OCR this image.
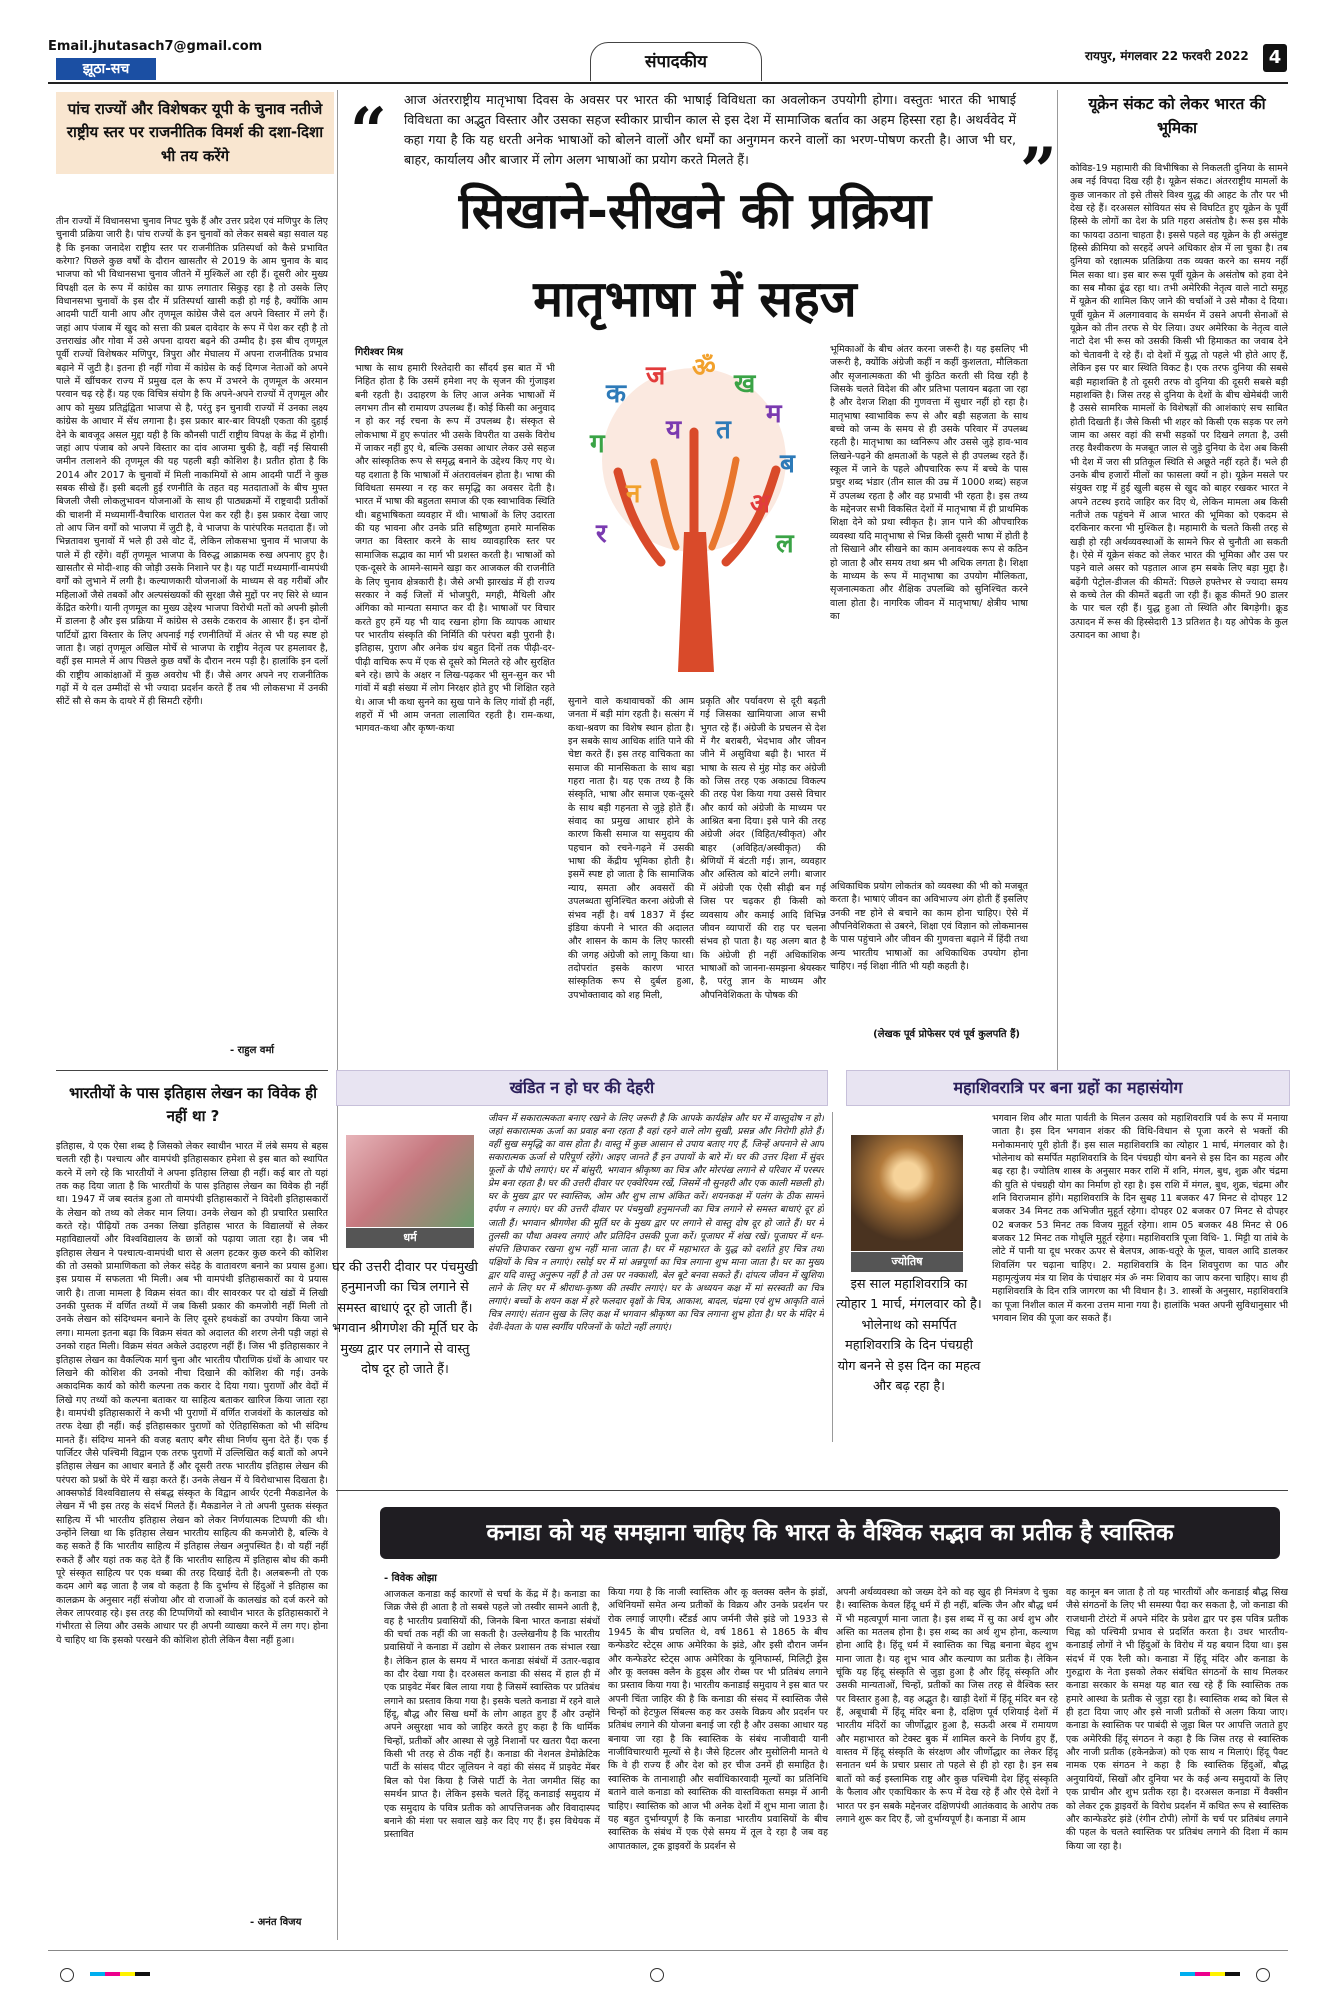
Email.jhutasach7@gmail.com
झूठा-सच	संपादकीय	रायपुर, मंगलवार 22 फरवरी 2022	4
पांच राज्यों और विशेषकर यूपी के चुनाव नतीजे राष्ट्रीय स्तर पर राजनीतिक विमर्श की दशा-दिशा भी तय करेंगे
तीन राज्यों में विधानसभा चुनाव निपट चुके हैं और उत्तर प्रदेश एवं मणिपुर के लिए चुनावी प्रक्रिया जारी है। पांच राज्यों के इन चुनावों को लेकर सबसे बड़ा सवाल यह है कि इनका जनादेश राष्ट्रीय स्तर पर राजनीतिक प्रतिस्पर्धा को कैसे प्रभावित करेगा? पिछले कुछ वर्षों के दौरान खासतौर से 2019 के आम चुनाव के बाद भाजपा को भी विधानसभा चुनाव जीतने में मुश्किलें आ रही हैं। दूसरी ओर मुख्य विपक्षी दल के रूप में कांग्रेस का ग्राफ लगातार सिकुड़ रहा है तो उसके लिए विधानसभा चुनावों के इस दौर में प्रतिस्पर्धा खासी कड़ी हो गई है, क्योंकि आम आदमी पार्टी यानी आप और तृणमूल कांग्रेस जैसे दल अपने विस्तार में लगे हैं। जहां आप पंजाब में खुद को सत्ता की प्रबल दावेदार के रूप में पेश कर रही है तो उत्तराखंड और गोवा में उसे अपना दायरा बढ़ने की उम्मीद है। इस बीच तृणमूल पूर्वी राज्यों विशेषकर मणिपुर, त्रिपुरा और मेघालय में अपना राजनीतिक प्रभाव बढ़ाने में जुटी है। इतना ही नहीं गोवा में कांग्रेस के कई दिग्गज नेताओं को अपने पाले में खींचकर राज्य में प्रमुख दल के रूप में उभरने के तृणमूल के अरमान परवान चढ़ रहे हैं। यह एक विचित्र संयोग है कि अपने-अपने राज्यों में तृणमूल और आप को मुख्य प्रतिद्वंद्विता भाजपा से है, परंतु इन चुनावी राज्यों में उनका लक्ष्य कांग्रेस के आधार में सेंध लगाना है। इस प्रकार बार-बार विपक्षी एकता की दुहाई देने के बावजूद असल मुद्दा यही है कि कौनसी पार्टी राष्ट्रीय विपक्ष के केंद्र में होगी। जहां आप पंजाब को अपने विस्तार का दांव आजमा चुकी है, वहीं नई सियासी जमीन तलाशने की तृणमूल की यह पहली बड़ी कोशिश है। प्रतीत होता है कि 2014 और 2017 के चुनावों में मिली नाकामियों से आम आदमी पार्टी ने कुछ सबक सीखे हैं। इसी बदली हुई रणनीति के तहत वह मतदाताओं के बीच मुफ्त बिजली जैसी लोकलुभावन योजनाओं के साथ ही पाठ्यक्रमों में राष्ट्रवादी प्रतीकों की चाशनी में मध्यमार्गी-वैचारिक धारातल पेश कर रही है। इस प्रकार देखा जाए तो आप जिन वर्गों को भाजपा में जुटी है, वे भाजपा के पारंपरिक मतदाता हैं। जो भिन्नतावश चुनावों में भले ही उसे वोट दें, लेकिन लोकसभा चुनाव में भाजपा के पाले में ही रहेंगे। वहीं तृणमूल भाजपा के विरुद्ध आक्रामक रुख अपनाए हुए है। खासतौर से मोदी-शाह की जोड़ी उसके निशाने पर है। यह पार्टी मध्यमार्गी-वामपंथी वर्गों को लुभाने में लगी है। कल्याणकारी योजनाओं के माध्यम से वह गरीबों और महिलाओं जैसे तबकों और अल्पसंख्यकों की सुरक्षा जैसे मुद्दों पर नए सिरे से ध्यान केंद्रित करेगी। यानी तृणमूल का मुख्य उद्देश्य भाजपा विरोधी मतों को अपनी झोली में डालना है और इस प्रक्रिया में कांग्रेस से उसके टकराव के आसार हैं। इन दोनों पार्टियों द्वारा विस्तार के लिए अपनाई गई रणनीतियों में अंतर से भी यह स्पष्ट हो जाता है। जहां तृणमूल अखिल मोर्चे से भाजपा के राष्ट्रीय नेतृत्व पर हमलावर है, वहीं इस मामले में आप पिछले कुछ वर्षों के दौरान नरम पड़ी है। हालांकि इन दलों की राष्ट्रीय आकांक्षाओं में कुछ अवरोध भी हैं। जैसे अगर अपने नए राजनीतिक गढ़ों में ये दल उम्मीदों से भी ज्यादा प्रदर्शन करते हैं तब भी लोकसभा में उनकी सीटें सौ से कम के दायरे में ही सिमटी रहेंगी।
- राहुल वर्मा
भारतीयों के पास इतिहास लेखन का विवेक ही नहीं था ?
इतिहास, ये एक ऐसा शब्द है जिसको लेकर स्वाधीन भारत में लंबे समय से बहस चलती रही है। पश्चात्य और वामपंथी इतिहासकार हमेशा से इस बात को स्थापित करने में लगे रहे कि भारतीयों ने अपना इतिहास लिखा ही नहीं। कई बार तो यहां तक कह दिया जाता है कि भारतीयों के पास इतिहास लेखन का विवेक ही नहीं था। 1947 में जब स्वतंत्र हुआ तो वामपंथी इतिहासकारों ने विदेशी इतिहासकारों के लेखन को तथ्य को लेकर मान लिया। उनके लेखन को ही प्रचारित प्रसारित करते रहे। पीढ़ियों तक उनका लिखा इतिहास भारत के विद्यालयों से लेकर महाविद्यालयों और विश्वविद्यालय के छात्रों को पढ़ाया जाता रहा है। जब भी इतिहास लेखन ने पश्चात्य-वामपंथी धारा से अलग हटकर कुछ करने की कोशिश की तो उसको प्रामाणिकता को लेकर संदेह के वातावरण बनाने का प्रयास हुआ। इस प्रयास में सफलता भी मिली। अब भी वामपंथी इतिहासकारों का ये प्रयास जारी है। ताजा मामला है विक्रम संवत का। वीर सावरकर पर दो खंडों में लिखी उनकी पुस्तक में वर्णित तथ्यों में जब किसी प्रकार की कमजोरी नहीं मिली तो उनके लेखन को संदिग्धमन बनाने के लिए दूसरे हथकंडों का उपयोग किया जाने लगा। मामला इतना बढ़ा कि विक्रम संवत को अदालत की शरण लेनी पड़ी जहां से उनको राहत मिली। विक्रम संवत अकेले उदाहरण नहीं हैं। जिस भी इतिहासकार ने इतिहास लेखन का वैकल्पिक मार्ग चुना और भारतीय पौराणिक ग्रंथों के आधार पर लिखने की कोशिश की उनको नीचा दिखाने की कोशिश की गई। उनके अकादमिक कार्य को कोरी कल्पना तक करार दे दिया गया। पुराणों और वेदों में लिखे गए तथ्यों को कल्पना बताकर या साहित्य बताकर खारिज किया जाता रहा है। वामपंथी इतिहासकारों ने कभी भी पुराणों में वर्णित राजवंशों के कालखंड को तरफ देखा ही नहीं। कई इतिहासकार पुराणों को ऐतिहासिकता को भी संदिग्ध मानते हैं। संदिग्ध मानने की वजह बताए बगैर सीधा निर्णय सुना देते हैं। एक ई पार्जिटर जैसे पश्चिमी विद्वान एक तरफ पुराणों में उल्लिखित कई बातों को अपने इतिहास लेखन का आधार बनाते हैं और दूसरी तरफ भारतीय इतिहास लेखन की परंपरा को प्रश्नों के घेरे में खड़ा करते हैं। उनके लेखन में ये विरोधाभास दिखता है। आक्सफोर्ड विश्वविद्यालय से संबद्ध संस्कृत के विद्वान आर्थर एंटनी मैकडानेल के लेखन में भी इस तरह के संदर्भ मिलते हैं। मैकडानेल ने तो अपनी पुस्तक संस्कृत साहित्य में भी भारतीय इतिहास लेखन को लेकर निर्णयात्मक टिप्पणी की थी। उन्होंने लिखा था कि इतिहास लेखन भारतीय साहित्य की कमजोरी है, बल्कि वे कह सकते हैं कि भारतीय साहित्य में इतिहास लेखन अनुपस्थित है। वो यहीं नहीं रुकते हैं और यहां तक कह देते हैं कि भारतीय साहित्य में इतिहास बोध की कमी पूरे संस्कृत साहित्य पर एक धब्बा की तरह दिखाई देती है। अलबरूनी तो एक कदम आगे बढ़ जाता है जब वो कहता है कि दुर्भाग्य से हिंदुओं ने इतिहास का कालक्रम के अनुसार नहीं संजोया और वो राजाओं के कालखंड को दर्ज करने को लेकर लापरवाह रहे। इस तरह की टिप्पणियों को स्वाधीन भारत के इतिहासकारों ने गंभीरता से लिया और उसके आधार पर ही अपनी व्याख्या करने में लग गए। होना ये चाहिए था कि इसको परखने की कोशिश होती लेकिन वैसा नहीं हुआ।
- अनंत विजय
“ आज अंतरराष्ट्रीय मातृभाषा दिवस के अवसर पर भारत की भाषाई विविधता का अवलोकन उपयोगी होगा। वस्तुतः भारत की भाषाई विविधता का अद्भुत विस्तार और उसका सहज स्वीकार प्राचीन काल से इस देश में सामाजिक बर्ताव का अहम हिस्सा रहा है। अथर्ववेद में कहा गया है कि यह धरती अनेक भाषाओं को बोलने वालों और धर्मों का अनुगमन करने वालों का भरण-पोषण करती है। आज भी घर, बाहर, कार्यालय और बाजार में लोग अलग भाषाओं का प्रयोग करते मिलते हैं।	”
सिखाने-सीखने की प्रक्रिया
मातृभाषा में सहज
क
ज ॐ
ख
म
ग
ब
न	अ
य त
र	ल
गिरीश्वर मिश्र
भाषा के साथ हमारी रिश्तेदारी का सौंदर्य इस बात में भी निहित होता है कि उसमें हमेशा नए के सृजन की गुंजाइश बनी रहती है। उदाहरण के लिए आज अनेक भाषाओं में लगभग तीन सौ रामायण उपलब्ध हैं। कोई किसी का अनुवाद न हो कर नई रचना के रूप में उपलब्ध है। संस्कृत से लोकभाषा में हुए रूपांतर भी उसके विपरीत या उसके विरोध में जाकर नहीं हुए थे, बल्कि उसका आधार लेकर उसे सहज और सांस्कृतिक रूप से समृद्ध बनाने के उद्देश्य किए गए थे। यह दशाता है कि भाषाओं में अंतरावलंबन होता है। भाषा की विविधता समस्या न रह कर समृद्धि का अवसर देती है। भारत में भाषा की बहुलता समाज की एक स्वाभाविक स्थिति थी। बहुभाषिकता व्यवहार में थी। भाषाओं के लिए उदारता की यह भावना और उनके प्रति सहिष्णुता हमारे मानसिक जगत का विस्तार करने के साथ व्यावहारिक स्तर पर सामाजिक सद्भाव का मार्ग भी प्रशस्त करती है। भाषाओं को एक-दूसरे के आमने-सामने खड़ा कर आजकल की राजनीति के लिए चुनाव क्षेत्रकारी है। जैसे अभी झारखंड में ही राज्य सरकार ने कई जिलों में भोजपुरी, मगही, मैथिली और अंगिका को मान्यता समाप्त कर दी है। भाषाओं पर विचार करते हुए हमें यह भी याद रखना होगा कि व्यापक आधार पर भारतीय संस्कृति की निर्मिति की परंपरा बड़ी पुरानी है। इतिहास, पुराण और अनेक ग्रंथ बहुत दिनों तक पीढ़ी-दर-पीढ़ी वाचिक रूप में एक से दूसरे को मिलते रहे और सुरक्षित बने रहे। छापे के अक्षर न लिख-पढ़कर भी सुन-सुन कर भी गांवों में बड़ी संख्या में लोग निरक्षर होते हुए भी शिक्षित रहते थे। आज भी कथा सुनने का सुख पाने के लिए गांवों ही नहीं, शहरों में भी आम जनता लालायित रहती है। राम-कथा, भागवत-कथा और कृष्ण-कथा
भूमिकाओं के बीच अंतर करना जरूरी है। यह इसलिए भी जरूरी है, क्योंकि अंग्रेजी कहीं न कहीं कुशलता, मौलिकता और सृजनात्मकता की भी कुंठित करती सी दिख रही है जिसके चलते विदेश की और प्रतिभा पलायन बढ़ता जा रहा है और देशज शिक्षा की गुणवत्ता में सुधार नहीं हो रहा है। मातृभाषा स्वाभाविक रूप से और बड़ी सहजता के साथ बच्चे को जन्म के समय से ही उसके परिवार में उपलब्ध रहती है। मातृभाषा का ध्वनिरूप और उससे जुड़े हाव-भाव लिखने-पढ़ने की क्षमताओं के पहले से ही उपलब्ध रहते हैं। स्कूल में जाने के पहले औपचारिक रूप में बच्चे के पास प्रचुर शब्द भंडार (तीन साल की उम्र में 1000 शब्द) सहज में उपलब्ध रहता है और वह प्रभावी भी रहता है। इस तथ्य के मद्देनजर सभी विकसित देशों में मातृभाषा में ही प्राथमिक शिक्षा देने को प्रथा स्वीकृत है। ज्ञान पाने की औपचारिक व्यवस्था यदि मातृभाषा से भिन्न किसी दूसरी भाषा में होती है तो सिखाने और सीखने का काम अनावश्यक रूप से कठिन हो जाता है और समय तथा श्रम भी अधिक लगता है। शिक्षा के माध्यम के रूप में मातृभाषा का उपयोग मौलिकता, सृजनात्मकता और शैक्षिक उपलब्धि को सुनिश्चित करने वाला होता है। नागरिक जीवन में मातृभाषा/ क्षेत्रीय भाषा का
सुनाने वाले कथावाचकों की आम जनता में बड़ी मांग रहती है। सत्संग में कथा-श्रवण का विशेष स्थान होता है। इन सबके साथ आधिक शांति पाने की चेष्टा करते हैं। इस तरह वाचिकता का समाज की मानसिकता के साथ बड़ा गहरा नाता है। यह एक तथ्य है कि संस्कृति, भाषा और समाज एक-दूसरे के साथ बड़ी गहनता से जुड़े होते हैं। संवाद का प्रमुख आधार होने के कारण किसी समाज या समुदाय की पहचान को रचने-गढ़ने में उसकी भाषा की केंद्रीय भूमिका होती है। इसमें स्पष्ट हो जाता है कि सामाजिक न्याय, समता और अवसरों की उपलब्धता सुनिश्चित करना अंग्रेजी से संभव नहीं है। वर्ष 1837 में ईस्ट इंडिया कंपनी ने भारत की अदालत और शासन के काम के लिए फारसी की जगह अंग्रेजी को लागू किया था। तदोपरांत इसके कारण भारत सांस्कृतिक रूप से दुर्बल हुआ, उपभोक्तावाद को शह मिली,
प्रकृति और पर्यावरण से दूरी बढ़ती गई जिसका खामियाजा आज सभी भुगत रहे हैं। अंग्रेजी के प्रचलन से देश में गैर बराबरी, भेदभाव और जीवन जीने में असुविधा बढ़ी है। भारत में भाषा के सत्य से मुंह मोड़ कर अंग्रेजी को जिस तरह एक अकाट्य विकल्प की तरह पेश किया गया उससे विचार और कार्य को अंग्रेजी के माध्यम पर आश्रित बना दिया। इसे पाने की तरह अंग्रेजी अंदर (विहित/स्वीकृत) और बाहर (अविहित/अस्वीकृत) की श्रेणियों में बंटती गई। ज्ञान, व्यवहार और अस्तित्व को बांटने लगी। बाजार में अंग्रेजी एक ऐसी सीढ़ी बन गई जिस पर चढ़कर ही किसी को व्यवसाय और कमाई आदि विभिन्न जीवन व्यापारों की राह पर चलना संभव हो पाता है। यह अलग बात है कि अंग्रेजी ही नहीं अधिकांशिक भाषाओं को जानना-समझना श्रेयस्कर है, परंतु ज्ञान के माध्यम और औपनिवेशिकता के पोषक की
अधिकाधिक प्रयोग लोकतंत्र को व्यवस्था की भी को मजबूत करता है। भाषाएं जीवन का अविभाज्य अंग होती हैं इसलिए उनकी नष्ट होने से बचाने का काम होना चाहिए। ऐसे में औपनिवेशिकता से उबरने, शिक्षा एवं विज्ञान को लोकमानस के पास पहुंचाने और जीवन की गुणवत्ता बढ़ाने में हिंदी तथा अन्य भारतीय भाषाओं का अधिकाधिक उपयोग होना चाहिए। नई शिक्षा नीति भी यही कहती है।
(लेखक पूर्व प्रोफेसर एवं पूर्व कुलपति हैं)
यूक्रेन संकट को लेकर भारत की भूमिका
कोविड-19 महामारी की विभीषिका से निकलती दुनिया के सामने अब नई विपदा दिख रही है। यूक्रेन संकट। अंतरराष्ट्रीय मामलों के कुछ जानकार तो इसे तीसरे विश्व युद्ध की आहट के तौर पर भी देख रहे हैं। दरअसल सोवियत संघ से विघटित हुए यूक्रेन के पूर्वी हिस्से के लोगों का देश के प्रति गहरा असंतोष है। रूस इस मौके का फायदा उठाना चाहता है। इससे पहले वह यूक्रेन के ही असंतुष्ट हिस्से क्रीमिया को सरहदें अपने अधिकार क्षेत्र में ला चुका है। तब दुनिया को रक्षात्मक प्रतिक्रिया तक व्यक्त करने का समय नहीं मिल सका था। इस बार रूस पूर्वी यूक्रेन के असंतोष को हवा देने का सब मौका ढूंढ रहा था। तभी अमेरिकी नेतृत्व वाले नाटो समूह में यूक्रेन की शामिल किए जाने की चर्चाओं ने उसे मौका दे दिया। पूर्वी यूक्रेन में अलगाववाद के समर्थन में उसने अपनी सेनाओं से यूक्रेन को तीन तरफ से घेर लिया। उधर अमेरिका के नेतृत्व वाले नाटो देश भी रूस को उसकी किसी भी हिमाकत का जवाब देने को चेतावनी दे रहे हैं। दो देशों में युद्ध तो पहले भी होते आए हैं, लेकिन इस पर बार स्थिति विकट है। एक तरफ दुनिया की सबसे बड़ी महाशक्ति है तो दूसरी तरफ वो दुनिया की दूसरी सबसे बड़ी महाशक्ति है। जिस तरह से दुनिया के देशों के बीच खेमेबंदी जारी है उससे सामरिक मामलों के विशेषज्ञों की आशंकाएं सच साबित होती दिखती हैं। जैसे किसी भी शहर को किसी एक सड़क पर लगे जाम का असर वहां की सभी सड़कों पर दिखने लगता है, उसी तरह वैश्वीकरण के मजबूत जाल से जुड़े दुनिया के देश अब किसी भी देश में जरा सी प्रतिकूल स्थिति से अछूते नहीं रहते हैं। भले ही उनके बीच हजारों मीलों का फासला क्यों न हो। यूक्रेन मसले पर संयुक्त राष्ट्र में हुई खुली बहस से खुद को बाहर रखकर भारत ने अपने तटस्थ इरादे जाहिर कर दिए थे, लेकिन मामला अब किसी नतीजे तक पहुंचने में आज भारत की भूमिका को एकदम से दरकिनार करना भी मुश्किल है। महामारी के चलते किसी तरह से खड़ी हो रही अर्थव्यवस्थाओं के सामने फिर से चुनौती आ सकती है। ऐसे में यूक्रेन संकट को लेकर भारत की भूमिका और उस पर पड़ने वाले असर को पड़ताल आज हम सबके लिए बड़ा मुद्दा है। बढ़ेंगी पेट्रोल-डीजल की कीमतें: पिछले हफ्तेभर से ज्यादा समय से कच्चे तेल की कीमतें बढ़ती जा रही हैं। क्रूड कीमतें 90 डालर के पार चल रही हैं। युद्ध हुआ तो स्थिति और बिगड़ेगी। क्रूड उत्पादन में रूस की हिस्सेदारी 13 प्रतिशत है। यह ओपेक के कुल उत्पादन का आधा है।
खंडित न हो घर की देहरी	महाशिवरात्रि पर बना ग्रहों का महासंयोग
धर्म
घर की उत्तरी दीवार पर पंचमुखी हनुमानजी का चित्र लगाने से समस्त बाधाएं दूर हो जाती हैं। भगवान श्रीगणेश की मूर्ति घर के मुख्य द्वार पर लगाने से वास्तु दोष दूर हो जाते हैं।
जीवन में सकारात्मकता बनाए रखने के लिए जरूरी है कि आपके कार्यक्षेत्र और घर में वास्तुदोष न हो। जहां सकारात्मक ऊर्जा का प्रवाह बना रहता है वहां रहने वाले लोग सुखी, प्रसन्न और निरोगी होते हैं। वहीं सुख समृद्धि का वास होता है। वास्तु में कुछ आसान से उपाय बताए गए हैं, जिन्हें अपनाने से आप सकारात्मक ऊर्जा से परिपूर्ण रहेंगे। आइए जानते हैं इन उपायों के बारे में। घर की उत्तर दिशा में सुंदर फूलों के पौधे लगाएं। घर में बांसुरी, भगवान श्रीकृष्ण का चित्र और मोरपंख लगाने से परिवार में परस्पर प्रेम बना रहता है। घर की उत्तरी दीवार पर एक्वेरियम रखें, जिसमें नौ सुनहरी और एक काली मछली हो। घर के मुख्य द्वार पर स्वास्तिक, ओम और शुभ लाभ अंकित करें। शयनकक्ष में पलंग के ठीक सामने दर्पण न लगाएं। घर की उत्तरी दीवार पर पंचमुखी हनुमानजी का चित्र लगाने से समस्त बाधाएं दूर हो जाती हैं। भगवान श्रीगणेश की मूर्ति घर के मुख्य द्वार पर लगाने से वास्तु दोष दूर हो जाते हैं। घर में तुलसी का पौधा अवश्य लगाएं और प्रतिदिन उसकी पूजा करें। पूजाघर में शंख रखें। पूजाघर में धन-संपत्ति छिपाकर रखना शुभ नहीं माना जाता है। घर में महाभारत के युद्ध को दर्शाते हुए चित्र तथा पक्षियों के चित्र न लगाएं। रसोई घर में मां अन्नपूर्णा का चित्र लगाना शुभ माना जाता है। घर का मुख्य द्वार यदि वास्तु अनुरूप नहीं है तो उस पर नक्काशी, बेल बूटे बनवा सकते हैं। दांपत्य जीवन में खुशियां लाने के लिए घर में श्रीराधा-कृष्ण की तस्वीर लगाएं। घर के अध्ययन कक्ष में मां सरस्वती का चित्र लगाएं। बच्चों के शयन कक्ष में हरे फलदार वृक्षों के चित्र, आकाश, बादल, चंद्रमा एवं शुभ आकृति वाले चित्र लगाएं। संतान सुख के लिए कक्ष में भगवान श्रीकृष्ण का चित्र लगाना शुभ होता है। घर के मंदिर में देवी-देवता के पास स्वर्गीय परिजनों के फोटो नहीं लगाएं।
ज्योतिष
इस साल महाशिवरात्रि का त्योहार 1 मार्च, मंगलवार को है। भोलेनाथ को समर्पित महाशिवरात्रि के दिन पंचग्रही योग बनने से इस दिन का महत्व और बढ़ रहा है।
भगवान शिव और माता पार्वती के मिलन उत्सव को महाशिवरात्रि पर्व के रूप में मनाया जाता है। इस दिन भगवान शंकर की विधि-विधान से पूजा करने से भक्तों की मनोकामनाएं पूरी होती हैं। इस साल महाशिवरात्रि का त्योहार 1 मार्च, मंगलवार को है। भोलेनाथ को समर्पित महाशिवरात्रि के दिन पंचग्रही योग बनने से इस दिन का महत्व और बढ़ रहा है। ज्योतिष शास्त्र के अनुसार मकर राशि में शनि, मंगल, बुध, शुक्र और चंद्रमा की युति से पंचग्रही योग का निर्माण हो रहा है। इस राशि में मंगल, बुध, शुक्र, चंद्रमा और शनि विराजमान होंगे। महाशिवरात्रि के दिन सुबह 11 बजकर 47 मिनट से दोपहर 12 बजकर 34 मिनट तक अभिजीत मुहूर्त रहेगा। दोपहर 02 बजकर 07 मिनट से दोपहर 02 बजकर 53 मिनट तक विजय मुहूर्त रहेगा। शाम 05 बजकर 48 मिनट से 06 बजकर 12 मिनट तक गोधूलि मुहूर्त रहेगा। महाशिवरात्रि पूजा विधि- 1. मिट्टी या तांबे के लोटे में पानी या दूध भरकर ऊपर से बेलपत्र, आक-धतूरे के फूल, चावल आदि डालकर शिवलिंग पर चढ़ाना चाहिए। 2. महाशिवरात्रि के दिन शिवपुराण का पाठ और महामृत्युंजय मंत्र या शिव के पंचाक्षर मंत्र ॐ नमः शिवाय का जाप करना चाहिए। साथ ही महाशिवरात्रि के दिन रात्रि जागरण का भी विधान है। 3. शास्त्रों के अनुसार, महाशिवरात्रि का पूजा निशील काल में करना उत्तम माना गया है। हालांकि भक्त अपनी सुविधानुसार भी भगवान शिव की पूजा कर सकते हैं।
कनाडा को यह समझाना चाहिए कि भारत के वैश्विक सद्भाव का प्रतीक है स्वास्तिक
- विवेक ओझा
आजकल कनाडा कई कारणों से चर्चा के केंद्र में है। कनाडा का जिक्र जैसे ही आता है तो सबसे पहले जो तस्वीर सामने आती है, वह है भारतीय प्रवासियों की, जिनके बिना भारत कनाडा संबंधों की चर्चा तक नहीं की जा सकती है। उल्लेखनीय है कि भारतीय प्रवासियों ने कनाडा में उद्योग से लेकर प्रशासन तक संभाल रखा है। लेकिन हाल के समय में भारत कनाडा संबंधों में उतार-चढ़ाव का दौर देखा गया है। दरअसल कनाडा की संसद में हाल ही में एक प्राइवेट मेंबर बिल लाया गया है जिसमें स्वास्तिक पर प्रतिबंध लगाने का प्रस्ताव किया गया है। इसके चलते कनाडा में रहने वाले हिंदू, बौद्ध और सिख धर्मों के लोग आहत हुए हैं और उन्होंने अपने असुरक्षा भाव को जाहिर करते हुए कहा है कि धार्मिक चिन्हों, प्रतीकों और आस्था से जुड़े निशानों पर खतरा पैदा करना किसी भी तरह से ठीक नहीं है। कनाडा की नेशनल डेमोक्रेटिक पार्टी के सांसद पीटर जूलियन ने वहां की संसद में प्राइवेट मेंबर बिल को पेश किया है जिसे पार्टी के नेता जगमीत सिंह का समर्थन प्राप्त है। लेकिन इसके चलते हिंदू कनाडाई समुदाय में एक समुदाय के पवित्र प्रतीक को आपत्तिजनक और विवादास्पद बनाने की मंशा पर सवाल खड़े कर दिए गए हैं। इस विधेयक में प्रस्तावित
किया गया है कि नाजी स्वास्तिक और कू क्लक्स क्लैन के झंडों, अधिनियमों समेत अन्य प्रतीकों के विक्रय और उनके प्रदर्शन पर रोक लगाई जाएगी। स्टैंडर्ड आप जर्मनी जैसे झंडे जो 1933 से 1945 के बीच प्रचलित थे, वर्ष 1861 से 1865 के बीच कन्फेडरेट स्टेट्स आफ अमेरिका के झंडे, और इसी दौरान जर्मन और कन्फेडरेट स्टेट्स आफ अमेरिका के यूनिफार्म्स, मिलिट्री ड्रेस और कू क्लक्स क्लैन के हुड्स और रोब्स पर भी प्रतिबंध लगाने का प्रस्ताव किया गया है। भारतीय कनाडाई समुदाय ने इस बात पर अपनी चिंता जाहिर की है कि कनाडा की संसद में स्वास्तिक जैसे चिन्हों को हेटफुल सिंबल्स कह कर उसके विक्रय और प्रदर्शन पर प्रतिबंध लगाने की योजना बनाई जा रही है और उसका आधार यह बनाया जा रहा है कि स्वास्तिक के संबंध नाजीवादी यानी नाजीविचारधारी मूल्यों से है। जैसे हिटलर और मुसोलिनी मानते थे कि वे ही राज्य हैं और देश को हर चीज उनमें ही समाहित है। स्वास्तिक के तानाशाही और सर्वाधिकारवादी मूल्यों का प्रतिनिधि बताने वाले कनाडा को स्वास्तिक की वास्तविकता समझ में आनी चाहिए। स्वास्तिक को आज भी अनेक देशों में शुभ माना जाता है। यह बहुत दुर्भाग्यपूर्ण है कि कनाडा भारतीय प्रवासियों के बीच स्वास्तिक के संबंध में एक ऐसे समय में तूल दे रहा है जब वह आपातकाल, ट्रक ड्राइवरों के प्रदर्शन से
अपनी अर्थव्यवस्था को जख्म देने को वह खुद ही निमंत्रण दे चुका है। स्वास्तिक केवल हिंदू धर्म में ही नहीं, बल्कि जैन और बौद्ध धर्म में भी महत्वपूर्ण माना जाता है। इस शब्द में सु का अर्थ शुभ और अस्ति का मतलब होना है। इस शब्द का अर्थ शुभ होना, कल्याण होना आदि है। हिंदू धर्म में स्वास्तिक का चिह्न बनाना बेहद शुभ माना जाता है। यह शुभ भाव और कल्याण का प्रतीक है। लेकिन चूंकि यह हिंदू संस्कृति से जुड़ा हुआ है और हिंदू संस्कृति और उसकी मान्यताओं, चिन्हों, प्रतीकों का जिस तरह से वैश्विक स्तर पर विस्तार हुआ है, वह अद्भुत है। खाड़ी देशों में हिंदू मंदिर बन रहे हैं, अबूधाबी में हिंदू मंदिर बना है, दक्षिण पूर्व एशियाई देशों में भारतीय मंदिरों का जीर्णोद्धार हुआ है, सऊदी अरब में रामायण और महाभारत को टेक्स्ट बुक में शामिल करने के निर्णय हुए हैं, वास्तव में हिंदू संस्कृति के संरक्षण और जीर्णोद्धार का लेकर हिंदू सनातन धर्म के प्रचार प्रसार तो पहले से ही हो रहा है। इन सब बातों को कई इस्लामिक राष्ट्र और कुछ पश्चिमी देश हिंदू संस्कृति के फैलाव और एकाधिकार के रूप में देख रहे हैं और ऐसे देशों ने भारत पर इन सबके मद्देनजर दक्षिणपंथी आतंकवाद के आरोप तक लगाने शुरू कर दिए हैं, जो दुर्भाग्यपूर्ण है। कनाडा में आम
वह कानून बन जाता है तो यह भारतीयों और कनाडाई बौद्ध सिख जैसे संगठनों के लिए भी समस्या पैदा कर सकता है, जो कनाडा की राजधानी टोरंटो में अपने मंदिर के प्रवेश द्वार पर इस पवित्र प्रतीक चिह्न को पश्चिमी प्रभाव से प्रदर्शित करता है। उधर भारतीय-कनाडाई लोगों ने भी हिंदुओं के विरोध में यह बयान दिया था। इस संदर्भ में एक रैली को। कनाडा में हिंदू मंदिर और कनाडा के गुरुद्वारा के नेता इसको लेकर संबंधित संगठनों के साथ मिलकर कनाडा सरकार के समक्ष यह बात रख रहे हैं कि स्वास्तिक तक हमारे आस्था के प्रतीक से जुड़ा रहा है। स्वास्तिक शब्द को बिल से ही हटा दिया जाए और इसे नाजी प्रतीकों से अलग किया जाए। कनाडा के स्वास्तिक पर पाबंदी से जुड़ा बिल पर आपत्ति जताते हुए एक अमेरिकी हिंदू संगठन ने कहा है कि जिस तरह से स्वास्तिक और नाजी प्रतीक (हकेनक्रेज) को एक साथ न मिलाएं। हिंदू पैक्ट नामक एक संगठन ने कहा है कि स्वास्तिक हिंदुओं, बौद्ध अनुयायियों, सिखों और दुनिया भर के कई अन्य समुदायों के लिए एक प्राचीन और शुभ प्रतीक रहा है। दरअसल कनाडा में वैक्सीन को लेकर ट्रक ड्राइवरों के विरोध प्रदर्शन में कथित रूप से स्वास्तिक और कान्फेडरेट झंडे (रंगीन टोपी) लोगों के चर्च पर प्रतिबंध लगाने की पहल के चलते स्वास्तिक पर प्रतिबंध लगाने की दिशा में काम किया जा रहा है।
